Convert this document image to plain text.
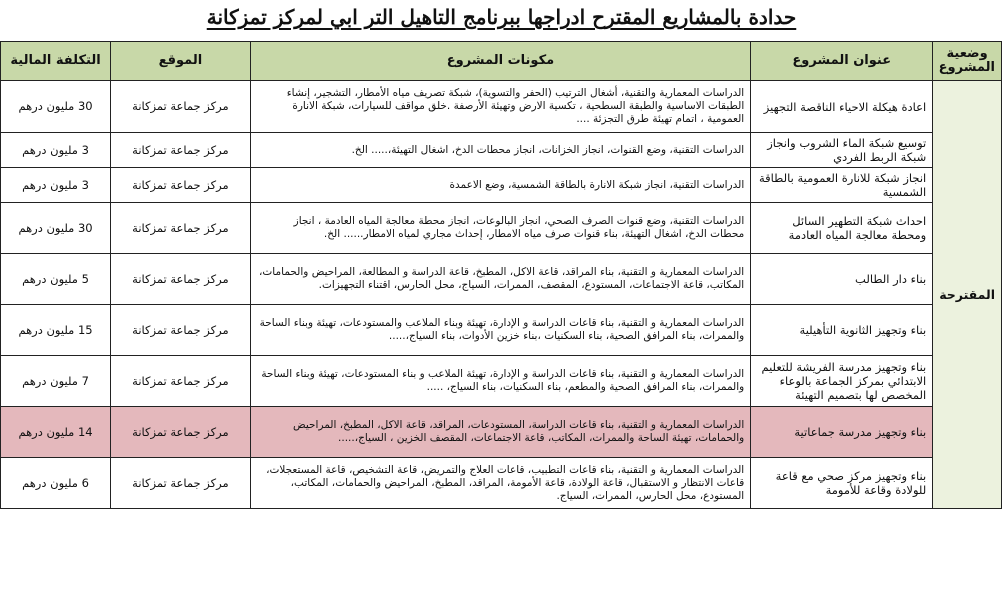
حدادة بالمشاريع المقترح ادراجها ببرنامج التاهيل التر ابي لمركز تمزكانة
وضعية المشروع	عنوان المشروع	مكونات المشروع	الموقع	التكلفة المالية
المقترحة	اعادة هيكلة الاحياء الناقصة التجهيز	الدراسات المعمارية والتقنية، أشغال الترتيب (الحفر والتسوية)، شبكة تصريف مياه الأمطار، التشجير، إنشاء الطبقات الاساسية والطبقة السطحية ، تكسية الارض وتهيئة الأرصفة .خلق مواقف للسيارات، شبكة الانارة العمومية ، اتمام تهيئة طرق التجزئة ....	مركز جماعة تمزكانة	30 مليون درهم
	توسيع شبكة الماء الشروب وانجاز شبكة الربط الفردي	الدراسات التقنية، وضع القنوات، انجاز الخزانات، انجاز محطات الدخ، اشغال التهيئة،..... الخ.	مركز جماعة تمزكانة	3 مليون درهم
	انجاز شبكة للانارة العمومية بالطاقة الشمسية	الدراسات التقنية، انجاز شبكة الانارة بالطاقة الشمسية، وضع الاعمدة	مركز جماعة تمزكانة	3 مليون درهم
	احداث شبكة التطهير السائل ومحطة معالجة المياه العادمة	الدراسات التقنية، وضع قنوات الصرف الصحي، انجاز البالوعات، انجاز محطة معالجة المياه العادمة ، انجاز محطات الدخ، اشغال التهيئة، بناء قنوات صرف مياه الامطار، إحداث مجاري لمياه الامطار...... الخ.	مركز جماعة تمزكانة	30 مليون درهم
	بناء دار الطالب	الدراسات المعمارية و التقنية، بناء المراقد، قاعة الاكل، المطبخ، قاعة الدراسة و المطالعة، المراحيض والحمامات، المكاتب، قاعة الاجتماعات، المستودع، المقصف، الممرات، السياج، محل الحارس، اقتناء التجهيزات.	مركز جماعة تمزكانة	5 مليون درهم
	بناء وتجهيز الثانوية التأهيلية	الدراسات المعمارية و التقنية، بناء قاعات الدراسة و الإدارة، تهيئة وبناء الملاعب والمستودعات، تهيئة وبناء الساحة والممرات، بناء المرافق الصحية، بناء السكنيات ،بناء خزين الأدوات، بناء السياج،.....	مركز جماعة تمزكانة	15 مليون درهم
	بناء وتجهيز مدرسة الفريشة للتعليم الابتدائي بمركز الجماعة بالوعاء المخصص لها بتصميم التهيئة	الدراسات المعمارية و التقنية، بناء قاعات الدراسة و الإدارة، تهيئة الملاعب و بناء المستودعات، تهيئة وبناء الساحة والممرات، بناء المرافق الصحية والمطعم، بناء السكنيات، بناء السياج، .....	مركز جماعة تمزكانة	7 مليون درهم
	بناء وتجهيز مدرسة جماعاتية	الدراسات المعمارية و التقنية، بناء قاعات الدراسة، المستودعات، المراقد، قاعة الاكل، المطبخ، المراحيض والحمامات، تهيئة الساحة والممرات، المكاتب، قاعة الاجتماعات، المقصف الخزين ، السياج،.....	مركز جماعة تمزكانة	14 مليون درهم
	بناء وتجهيز مركز صحي مع قاعة للولادة وقاعة للأمومة	الدراسات المعمارية و التقنية، بناء قاعات التطبيب، قاعات العلاج والتمريض، قاعة التشخيص، قاعة المستعجلات، قاعات الانتظار و الاستقبال، قاعة الولادة، قاعة الأمومة، المراقد، المطبخ، المراحيض والحمامات، المكاتب، المستودع، محل الحارس، الممرات، السياج.	مركز جماعة تمزكانة	6 مليون درهم
